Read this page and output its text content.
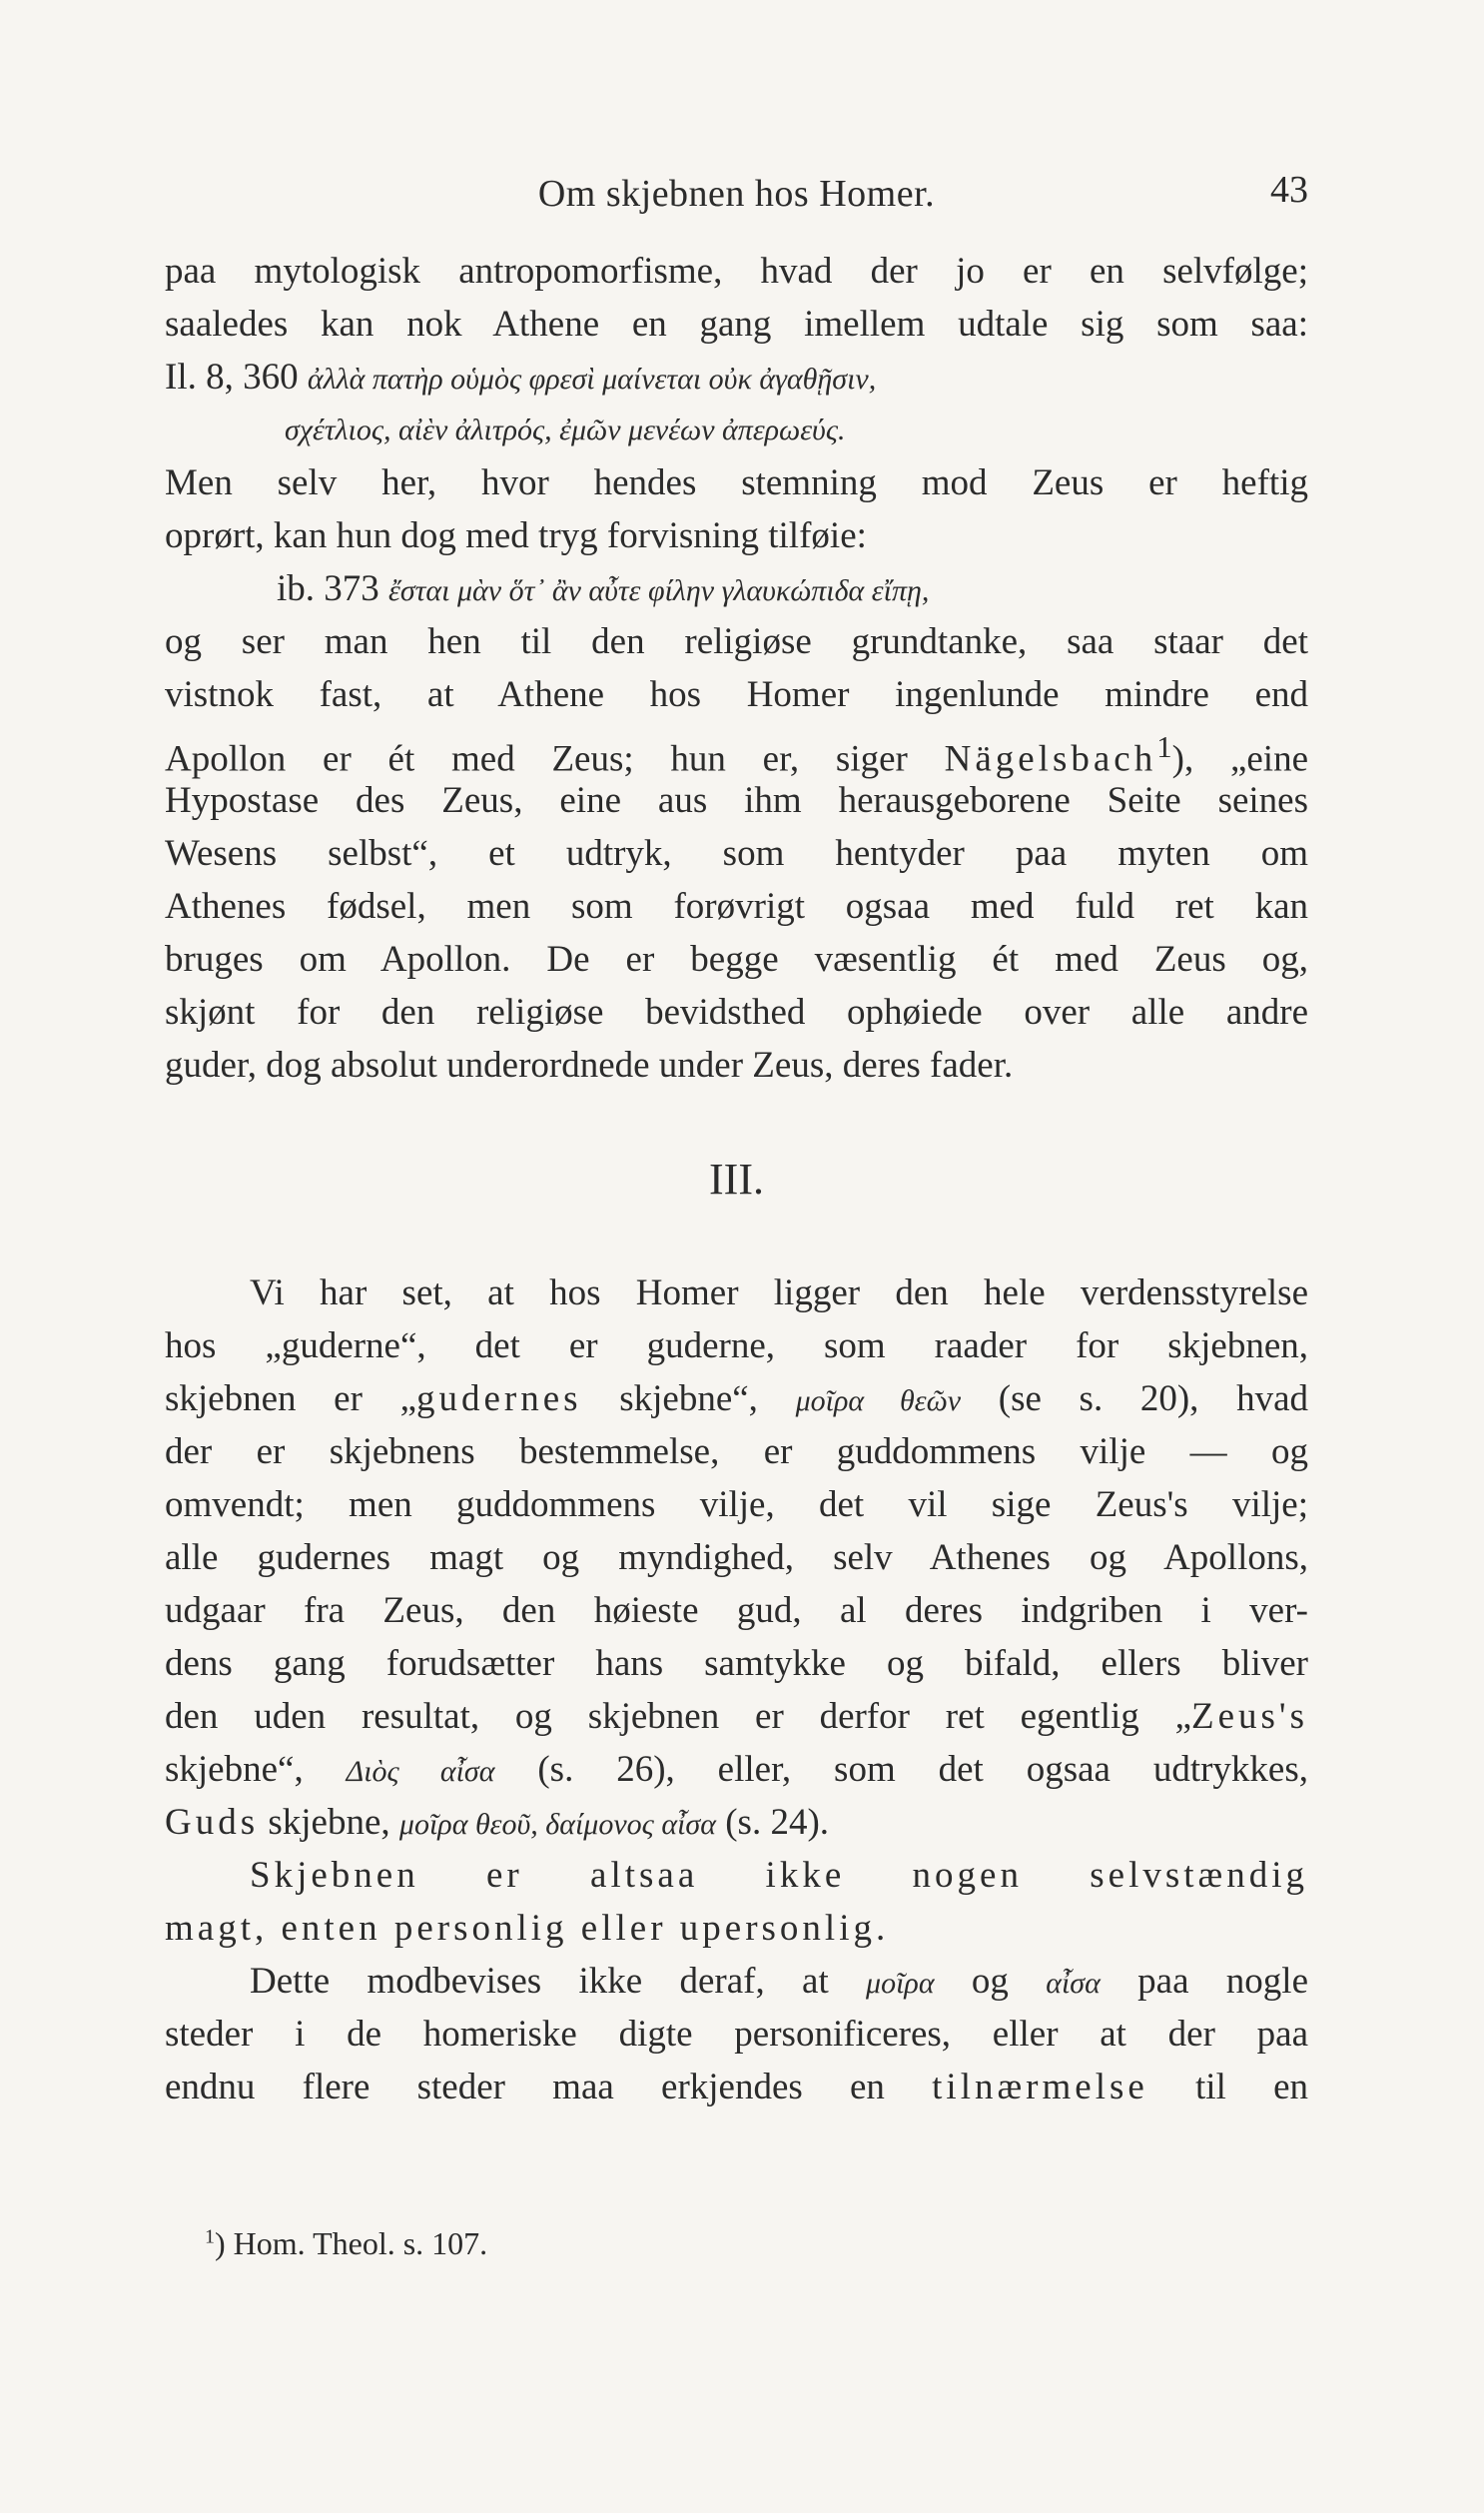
Om skjebnen hos Homer.	43
paa mytologisk antropomorfisme, hvad der jo er en selvfølge;
saaledes kan nok Athene en gang imellem udtale sig som saa:
Il. 8, 360 ἀλλὰ πατὴρ οὑμὸς φρεσὶ μαίνεται οὐκ ἀγαθῇσιν,
σχέτλιος, αἰὲν ἀλιτρός, ἐμῶν μενέων ἀπερωεύς.
Men selv her, hvor hendes stemning mod Zeus er heftig
oprørt, kan hun dog med tryg forvisning tilføie:
ib. 373 ἔσται μὰν ὅτ᾽ ἂν αὖτε φίλην γλαυκώπιδα εἴπῃ,
og ser man hen til den religiøse grundtanke, saa staar det
vistnok fast, at Athene hos Homer ingenlunde mindre end
Apollon er ét med Zeus; hun er, siger Nägelsbach$^1$), „eine
Hypostase des Zeus, eine aus ihm herausgeborene Seite seines
Wesens selbst“, et udtryk, som hentyder paa myten om
Athenes fødsel, men som forøvrigt ogsaa med fuld ret kan
bruges om Apollon. De er begge væsentlig ét med Zeus og,
skjønt for den religiøse bevidsthed ophøiede over alle andre
guder, dog absolut underordnede under Zeus, deres fader.
III.
Vi har set, at hos Homer ligger den hele verdensstyrelse
hos „guderne“, det er guderne, som raader for skjebnen,
skjebnen er „gudernes skjebne“, μοῖρα θεῶν (se s. 20), hvad
der er skjebnens bestemmelse, er guddommens vilje — og
omvendt; men guddommens vilje, det vil sige Zeus's vilje;
alle gudernes magt og myndighed, selv Athenes og Apollons,
udgaar fra Zeus, den høieste gud, al deres indgriben i ver-
dens gang forudsætter hans samtykke og bifald, ellers bliver
den uden resultat, og skjebnen er derfor ret egentlig „Zeus's
skjebne“, Διὸς αἶσα (s. 26), eller, som det ogsaa udtrykkes,
Guds skjebne, μοῖρα θεοῦ, δαίμονος αἶσα (s. 24).
Skjebnen er altsaa ikke nogen selvstændig
magt, enten personlig eller upersonlig.
Dette modbevises ikke deraf, at μοῖρα og αἶσα paa nogle
steder i de homeriske digte personificeres, eller at der paa
endnu flere steder maa erkjendes en tilnærmelse til en
$^1$) Hom. Theol. s. 107.
